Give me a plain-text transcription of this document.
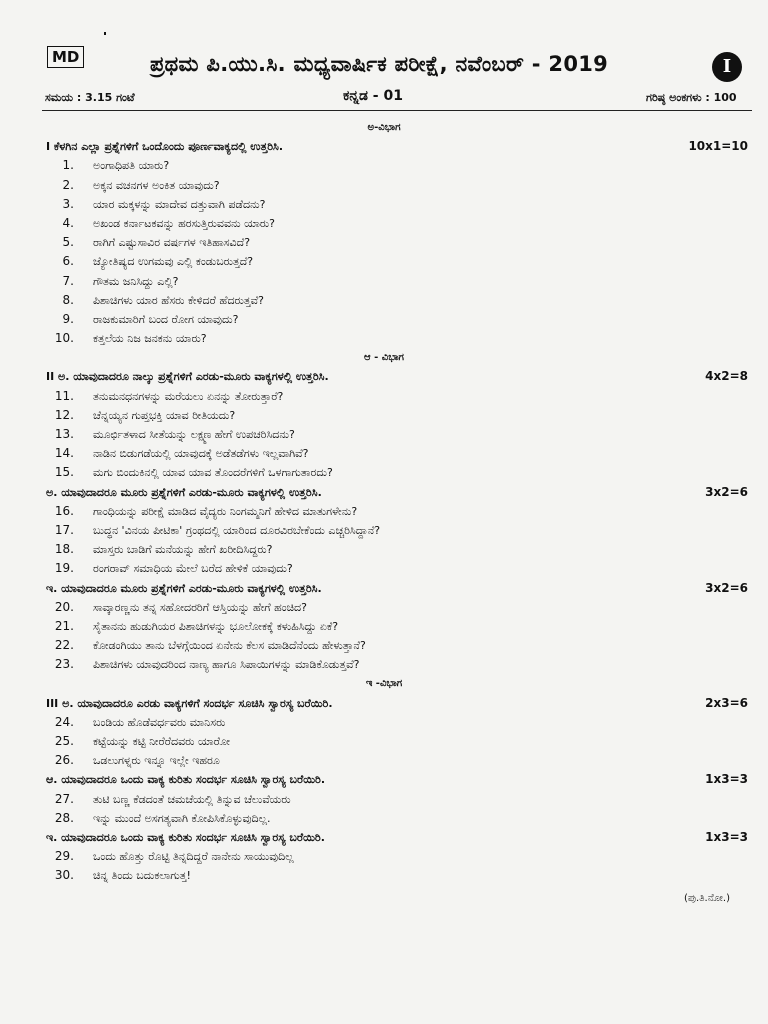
MD	ಪ್ರಥಮ ಪಿ.ಯು.ಸಿ. ಮಧ್ಯವಾರ್ಷಿಕ ಪರೀಕ್ಷೆ, ನವೆಂಬರ್ - 2019	I
ಸಮಯ : 3.15 ಗಂಟೆ	ಕನ್ನಡ - 01	ಗರಿಷ್ಠ ಅಂಕಗಳು : 100
ಅ-ವಿಭಾಗ
I ಕೆಳಗಿನ ಎಲ್ಲಾ ಪ್ರಶ್ನೆಗಳಿಗೆ ಒಂದೊಂದು ಪೂರ್ಣವಾಕ್ಯದಲ್ಲಿ ಉತ್ತರಿಸಿ.	10x1=10
1. ಅಂಗಾಧಿಪತಿ ಯಾರು?
2. ಅಕ್ಕನ ವಚನಗಳ ಅಂಕಿತ ಯಾವುದು?
3. ಯಾರ ಮಕ್ಕಳನ್ನು ಮಾದೇವ ದತ್ತುವಾಗಿ ಪಡೆದನು?
4. ಅಖಂಡ ಕರ್ನಾಟಕವನ್ನು ಹರಸುತ್ತಿರುವವನು ಯಾರು?
5. ರಾಗಿಗೆ ಎಷ್ಟುಸಾವಿರ ವರ್ಷಗಳ ಇತಿಹಾಸವಿದೆ?
6. ಜ್ಯೋತಿಷ್ಯದ ಉಗಮವು ಎಲ್ಲಿ ಕಂಡುಬರುತ್ತದೆ?
7. ಗೌತಮ ಜನಿಸಿದ್ದು ಎಲ್ಲಿ?
8. ಪಿಶಾಚಿಗಳು ಯಾರ ಹೆಸರು ಕೇಳಿದರೆ ಹೆದರುತ್ತವೆ?
9. ರಾಜಕುಮಾರಿಗೆ ಬಂದ ರೋಗ ಯಾವುದು?
10. ಕತ್ತಲೆಯ ನಿಜ ಜನಕನು ಯಾರು?
ಆ - ವಿಭಾಗ
II ಅ. ಯಾವುದಾದರೂ ನಾಲ್ಕು ಪ್ರಶ್ನೆಗಳಿಗೆ ಎರಡು-ಮೂರು ವಾಕ್ಯಗಳಲ್ಲಿ ಉತ್ತರಿಸಿ.	4x2=8
11. ತನುಮನಧನಗಳನ್ನು ಮರೆಯಲು ಏನನ್ನು ತೋರುತ್ತಾರೆ?
12. ಚೆನ್ನಯ್ಯನ ಗುಪ್ತಭಕ್ತಿ ಯಾವ ರೀತಿಯದು?
13. ಮೂರ್ಛಿತಳಾದ ಸೀತೆಯನ್ನು ಲಕ್ಷ್ಮಣ ಹೇಗೆ ಉಪಚರಿಸಿದನು?
14. ನಾಡಿನ ಬಿಡುಗಡೆಯಲ್ಲಿ ಯಾವುದಕ್ಕೆ ಅಡೆತಡೆಗಳು ಇಲ್ಲವಾಗಿವೆ?
15. ಮಗು ಬಿಂದುಕಿನಲ್ಲಿ ಯಾವ ಯಾವ ತೊಂದರೆಗಳಿಗೆ ಒಳಗಾಗುತಾರದು?
ಅ. ಯಾವುದಾದರೂ ಮೂರು ಪ್ರಶ್ನೆಗಳಿಗೆ ಎರಡು-ಮೂರು ವಾಕ್ಯಗಳಲ್ಲಿ ಉತ್ತರಿಸಿ.	3x2=6
16. ಗಾಂಧಿಯನ್ನು ಪರೀಕ್ಷೆ ಮಾಡಿದ ವೈದ್ಯರು ನಿಂಗಮ್ಮನಿಗೆ ಹೇಳಿದ ಮಾತುಗಳೇನು?
17. ಬುದ್ಧನ 'ವಿನಯ ಪೀಟಿಕಾ' ಗ್ರಂಥದಲ್ಲಿ ಯಾರಿಂದ ದೂರವಿರಬೇಕೆಂದು ಎಚ್ಚರಿಸಿದ್ದಾನೆ?
18. ಮಾಸ್ತರು ಬಾಡಿಗೆ ಮನೆಯನ್ನು ಹೇಗೆ ಖರೀದಿಸಿದ್ದರು?
19. ರಂಗರಾವ್ ಸಮಾಧಿಯ ಮೇಲೆ ಬರೆದ ಹೇಳಿಕೆ ಯಾವುದು?
ಇ. ಯಾವುದಾದರೂ ಮೂರು ಪ್ರಶ್ನೆಗಳಿಗೆ ಎರಡು-ಮೂರು ವಾಕ್ಯಗಳಲ್ಲಿ ಉತ್ತರಿಸಿ.	3x2=6
20. ಸಾವ್ಕಾರಣ್ಣನು ತನ್ನ ಸಹೋದರರಿಗೆ ಆಸ್ತಿಯನ್ನು ಹೇಗೆ ಹಂಚಿದ?
21. ಸೈತಾನನು ಹುಡುಗಿಯರ ಪಿಶಾಚಿಗಳನ್ನು ಭೂಲೋಕಕ್ಕೆ ಕಳುಹಿಸಿದ್ದು ಏಕೆ?
22. ಕೋಡಂಗಿಯು ತಾನು ಬೆಳಗ್ಗೆಯಿಂದ ಏನೇನು ಕೆಲಸ ಮಾಡಿದೆನೆಂದು ಹೇಳುತ್ತಾನೆ?
23. ಪಿಶಾಚಿಗಳು ಯಾವುದರಿಂದ ನಾಣ್ಯ ಹಾಗೂ ಸಿಪಾಯಿಗಳನ್ನು ಮಾಡಿಕೊಡುತ್ತವೆ?
ಇ -ವಿಭಾಗ
III ಅ. ಯಾವುದಾದರೂ ಎರಡು ವಾಕ್ಯಗಳಿಗೆ ಸಂದರ್ಭ ಸೂಚಿಸಿ ಸ್ವಾರಸ್ಯ ಬರೆಯಿರಿ.	2x3=6
24. ಬಂಡಿಯ ಹೊಡೆವರ್ಧವರು ಮಾನಿಸರು
25. ಕಟ್ಟೆಯನ್ನು ಕಟ್ಟಿ ನೀರೆರೆದವರು ಯಾರೋ
26. ಒಡಲುಗಳ್ನರು ಇನ್ನೂ ಇಲ್ಲೇ ಇಹರೂ
ಆ. ಯಾವುದಾದರೂ ಒಂದು ವಾಕ್ಯ ಕುರಿತು ಸಂದರ್ಭ ಸೂಚಿಸಿ ಸ್ವಾರಸ್ಯ ಬರೆಯಿರಿ.	1x3=3
27. ತುಟಿ ಬಣ್ಣ ಕೆಡದಂತೆ ಚಮಚೆಯಲ್ಲಿ ತಿನ್ನುವ ಚೆಲುವೆಯರು
28. ಇನ್ನು ಮುಂದೆ ಅಸಗತ್ಯವಾಗಿ ಕೋಪಿಸಿಕೊಳ್ಳುವುದಿಲ್ಲ.
ಇ. ಯಾವುದಾದರೂ ಒಂದು ವಾಕ್ಯ ಕುರಿತು ಸಂದರ್ಭ ಸೂಚಿಸಿ ಸ್ವಾರಸ್ಯ ಬರೆಯಿರಿ.	1x3=3
29. ಒಂದು ಹೊತ್ತು ರೊಟ್ಟಿ ತಿನ್ನದಿದ್ದರೆ ನಾನೇನು ಸಾಯುವುದಿಲ್ಲ
30. ಚಿನ್ನ ತಿಂದು ಬದುಕಲಾಗುತ್ತ!
(ಪು.ತಿ.ನೋ.)
